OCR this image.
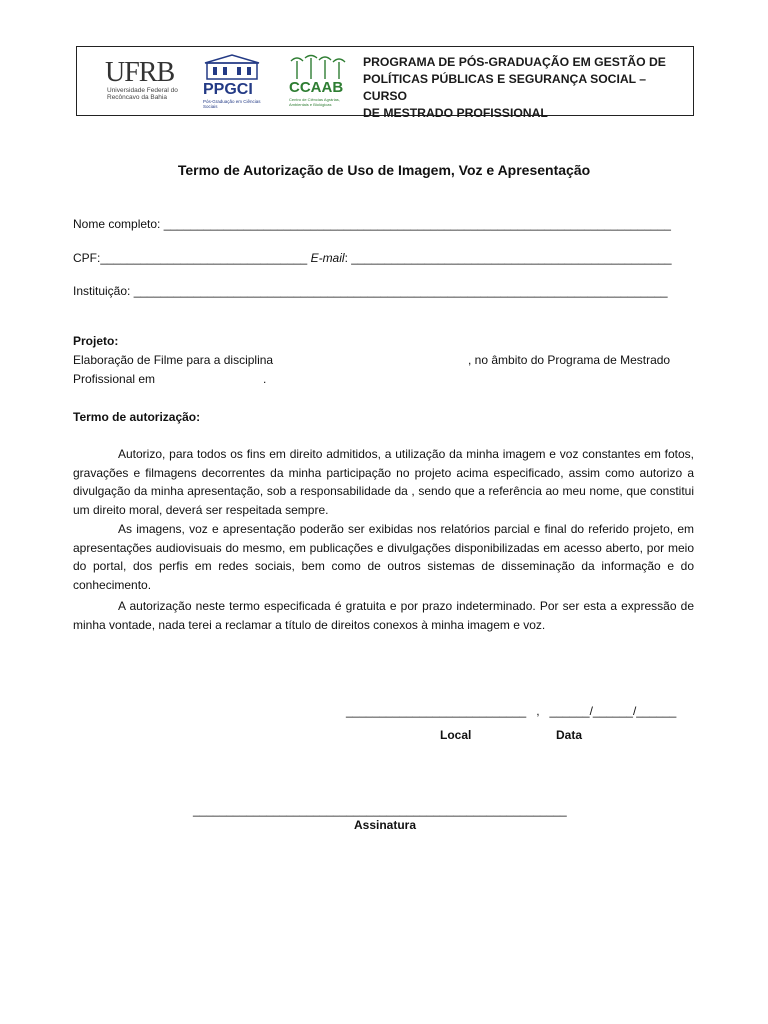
UFRB
Universidade Federal do Recôncavo da Bahia	PPGCI
Pós-Graduação em Ciências Sociais
CCAAB
Centro de Ciências Agrárias, Ambientais e Biológicas
PROGRAMA DE PÓS-GRADUAÇÃO EM GESTÃO DE
POLÍTICAS PÚBLICAS E SEGURANÇA SOCIAL – CURSO
DE MESTRADO PROFISSIONAL
Termo de Autorização de Uso de Imagem, Voz e Apresentação
Nome completo: ____________________________________________________________________________
CPF:_______________________________ E-mail: ________________________________________________
Instituição: ________________________________________________________________________________
Projeto:
Elaboração de Filme para a disciplina	, no âmbito do Programa de Mestrado
Profissional em	.
Termo de autorização:
Autorizo, para todos os fins em direito admitidos, a utilização da minha imagem e voz constantes em fotos, gravações e filmagens decorrentes da minha participação no projeto acima especificado, assim como autorizo a divulgação da minha apresentação, sob a responsabilidade da , sendo que a referência ao meu nome, que constitui um direito moral, deverá ser respeitada sempre.
As imagens, voz e apresentação poderão ser exibidas nos relatórios parcial e final do referido projeto, em apresentações audiovisuais do mesmo, em publicações e divulgações disponibilizadas em acesso aberto, por meio do portal, dos perfis em redes sociais, bem como de outros sistemas de disseminação da informação e do conhecimento.
A autorização neste termo especificada é gratuita e por prazo indeterminado. Por ser esta a expressão de minha vontade, nada terei a reclamar a título de direitos conexos à minha imagem e voz.
___________________________   ,   ______/______/______
Local	Data
________________________________________________________
Assinatura
